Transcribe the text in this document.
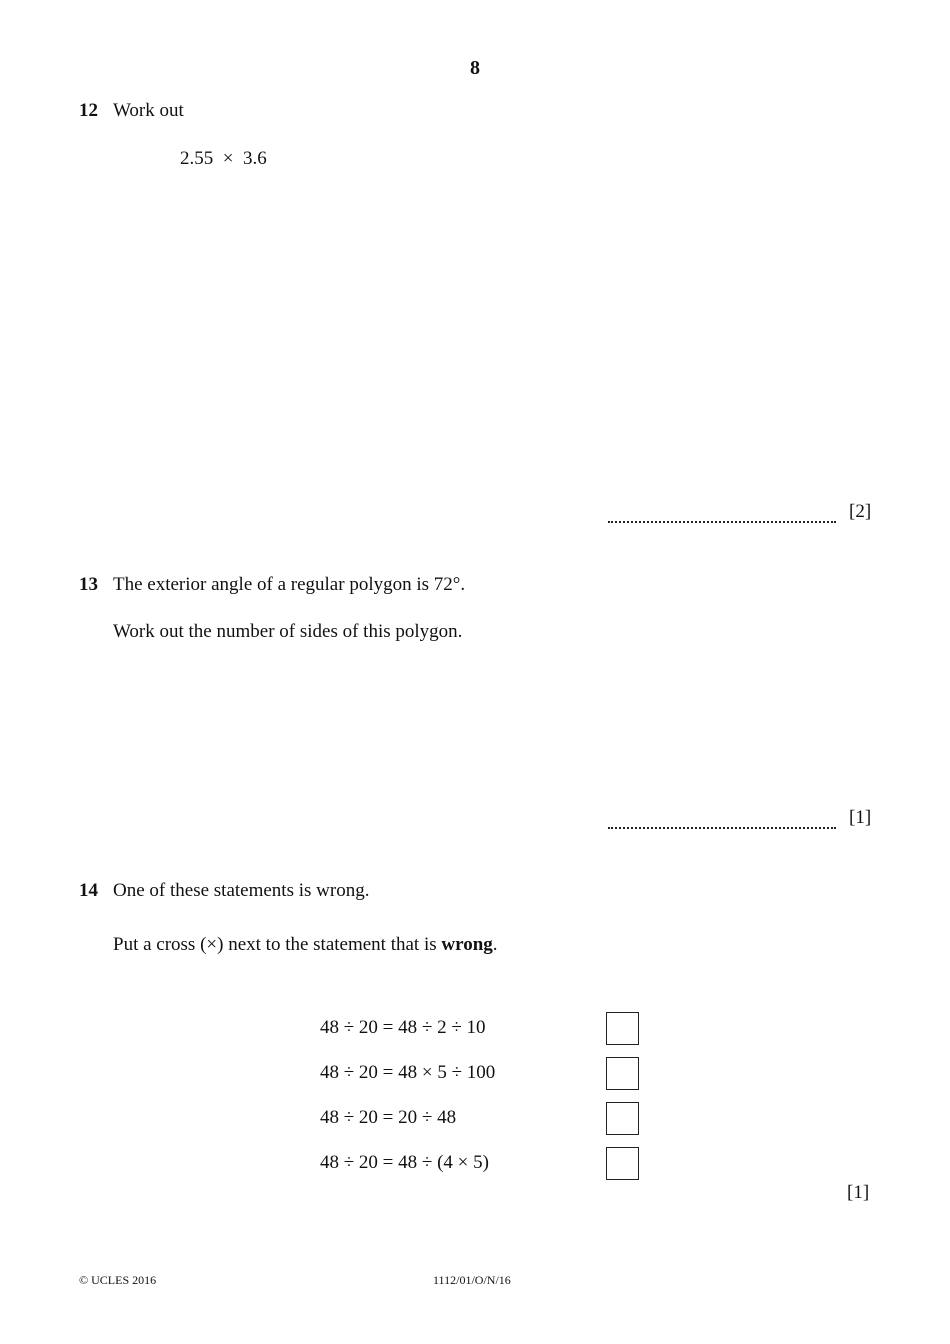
8
12 Work out
2.55  ×  3.6
[2]
13 The exterior angle of a regular polygon is 72°.
Work out the number of sides of this polygon.
[1]
14 One of these statements is wrong.
Put a cross (×) next to the statement that is wrong.
48 ÷ 20 = 48 ÷ 2 ÷ 10
48 ÷ 20 = 48 × 5 ÷ 100
48 ÷ 20 = 20 ÷ 48
48 ÷ 20 = 48 ÷ (4 × 5)
[1]
© UCLES 2016	1112/01/O/N/16
